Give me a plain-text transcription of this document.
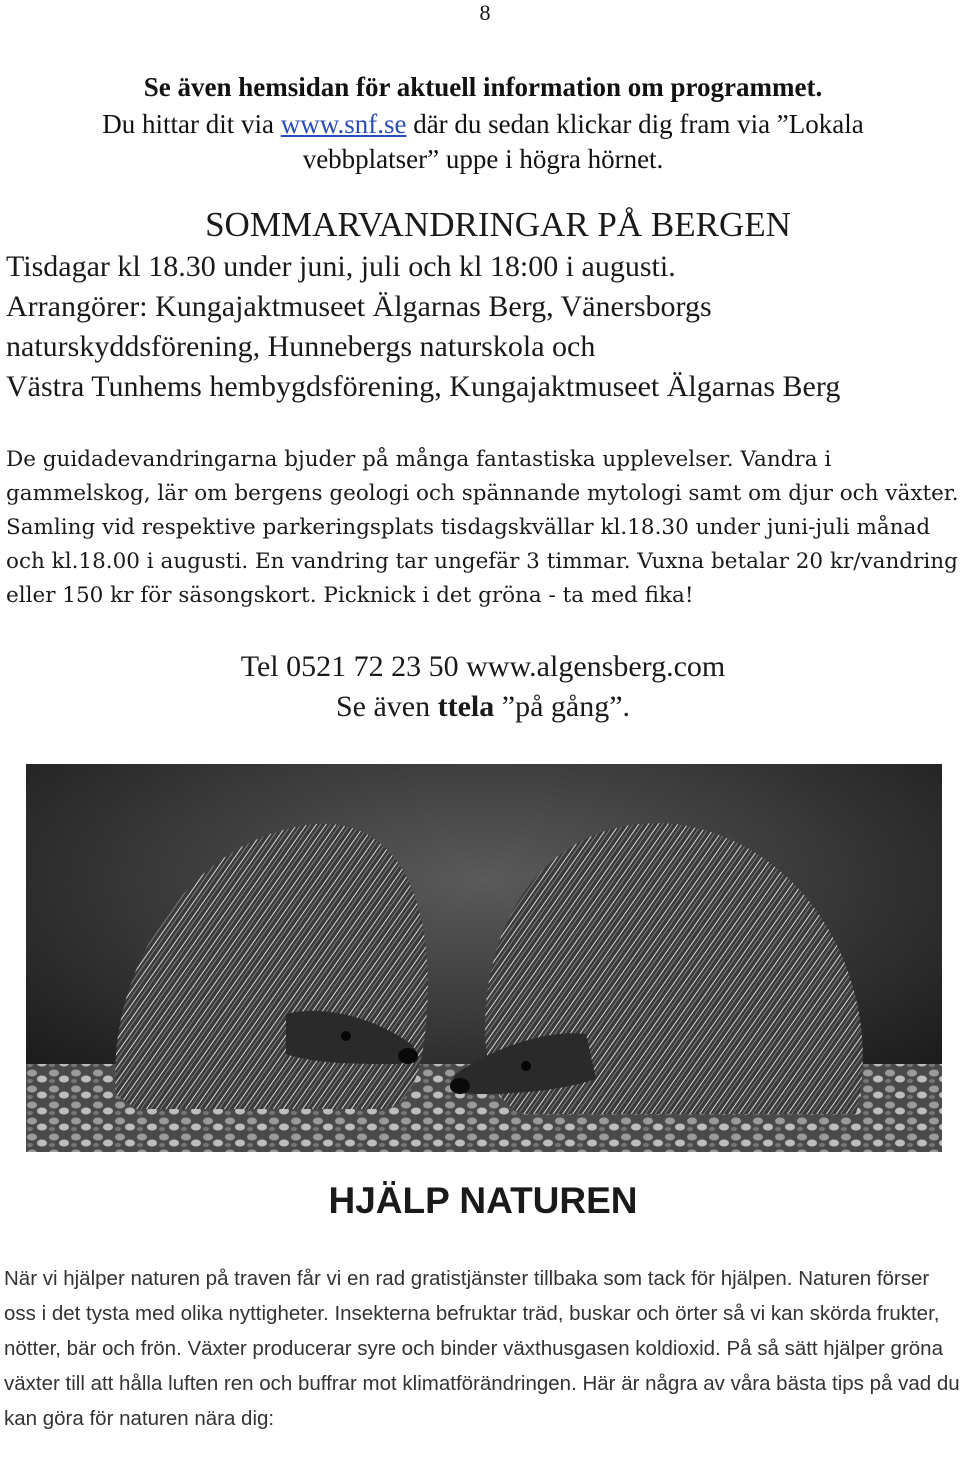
8
Se även hemsidan för aktuell information om programmet.
Du hittar dit via www.snf.se där du sedan klickar dig fram via ”Lokala
vebbplatser” uppe i högra hörnet.
SOMMARVANDRINGAR PÅ BERGEN
Tisdagar kl 18.30 under juni, juli och kl 18:00 i augusti.
Arrangörer: Kungajaktmuseet Älgarnas Berg, Vänersborgs
naturskyddsförening, Hunnebergs naturskola och
Västra Tunhems hembygdsförening, Kungajaktmuseet Älgarnas Berg
De guidadevandringarna bjuder på många fantastiska upplevelser. Vandra i gammelskog, lär om bergens geologi och spännande mytologi samt om djur och växter. Samling vid respektive parkeringsplats tisdagskvällar kl.18.30 under juni-juli månad och kl.18.00 i augusti. En vandring tar ungefär 3 timmar. Vuxna betalar 20 kr/vandring eller 150 kr för säsongskort. Picknick i det gröna - ta med fika!
Tel 0521 72 23 50 www.algensberg.com
Se även ttela ”på gång”.
HJÄLP NATUREN
När vi hjälper naturen på traven får vi en rad gratistjänster tillbaka som tack för hjälpen. Naturen förser oss i det tysta med olika nyttigheter. Insekterna befruktar träd, buskar och örter så vi kan skörda frukter, nötter, bär och frön. Växter producerar syre och binder växthusgasen koldioxid. På så sätt hjälper gröna växter till att hålla luften ren och buffrar mot klimatförändringen. Här är några av våra bästa tips på vad du kan göra för naturen nära dig:
